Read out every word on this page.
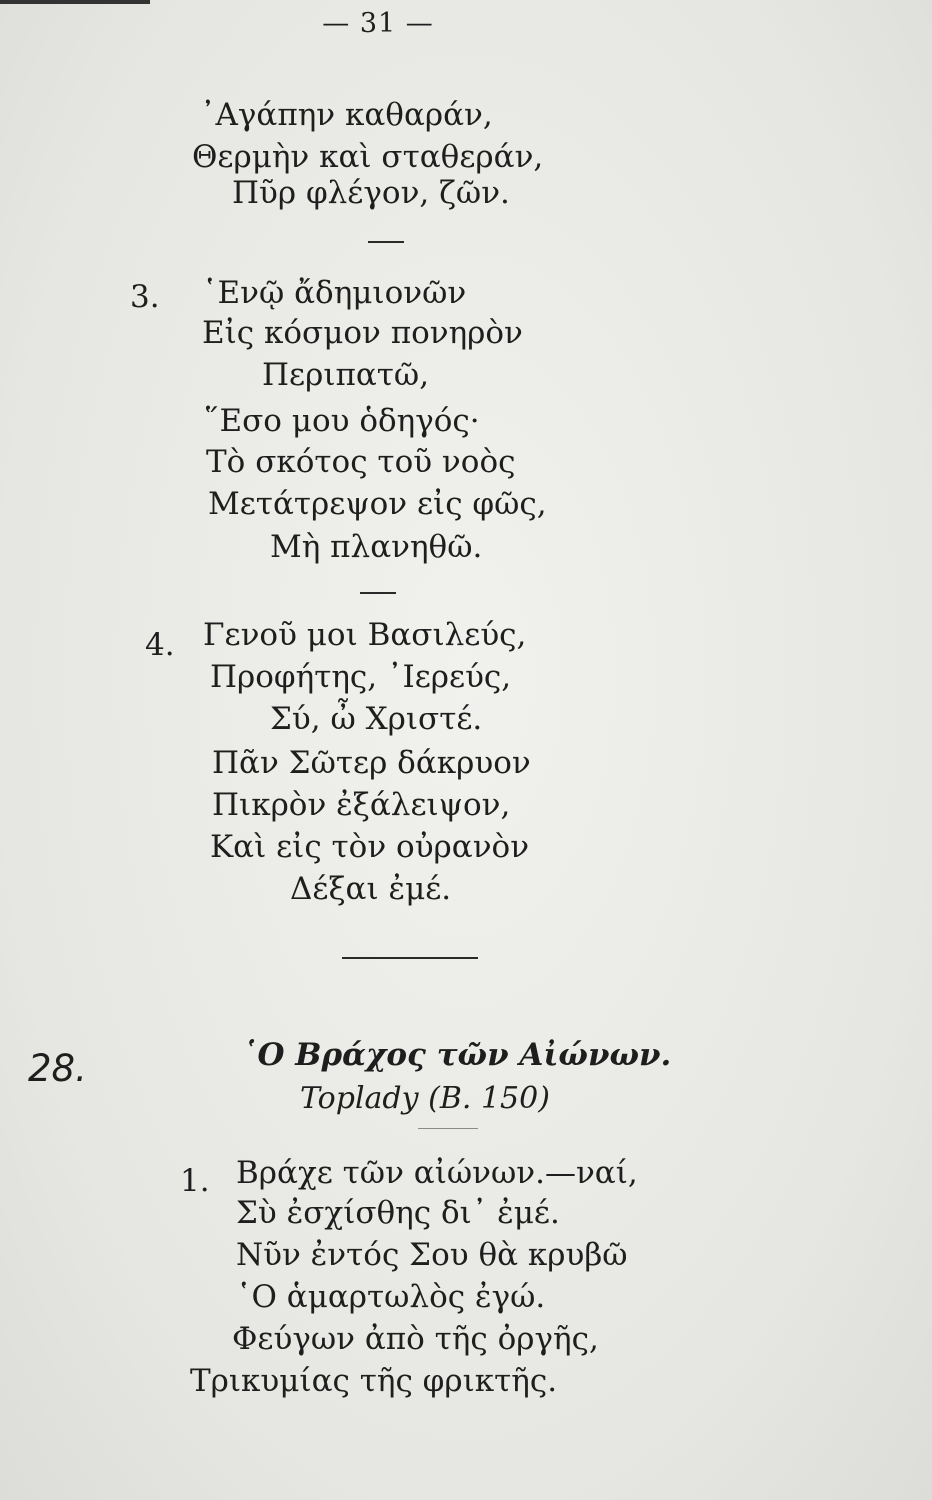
— 31 —
᾿Αγάπην καθαράν,
Θερμὴν καὶ σταθεράν,
Πῦρ φλέγον, ζῶν.
3. ῾Ενῷ ἄδημιονῶν
Εἰς κόσμον πονηρὸν
Περιπατῶ,
῞Εσο μου ὁδηγός·
Τὸ σκότος τοῦ νοὸς
Μετάτρεψον εἰς φῶς,
Μὴ πλανηθῶ.
4. Γενοῦ μοι Βασιλεύς,
Προφήτης, ᾿Ιερεύς,
Σύ, ὦ Χριστέ.
Πᾶν Σῶτερ δάκρυον
Πικρὸν ἐξάλειψον,
Καὶ εἰς τὸν οὐρανὸν
Δέξαι ἐμέ.
28.	῾Ο Βράχος τῶν Αἰώνων.
Toplady (Β. 150)
1. Βράχε τῶν αἰώνων.—ναί,
Σὺ ἐσχίσθης δι᾿ ἐμέ.
Νῦν ἐντός Σου θὰ κρυβῶ
῾Ο ἁμαρτωλὸς ἐγώ.
Φεύγων ἀπὸ τῆς ὀργῆς,
Τρικυμίας τῆς φρικτῆς.
